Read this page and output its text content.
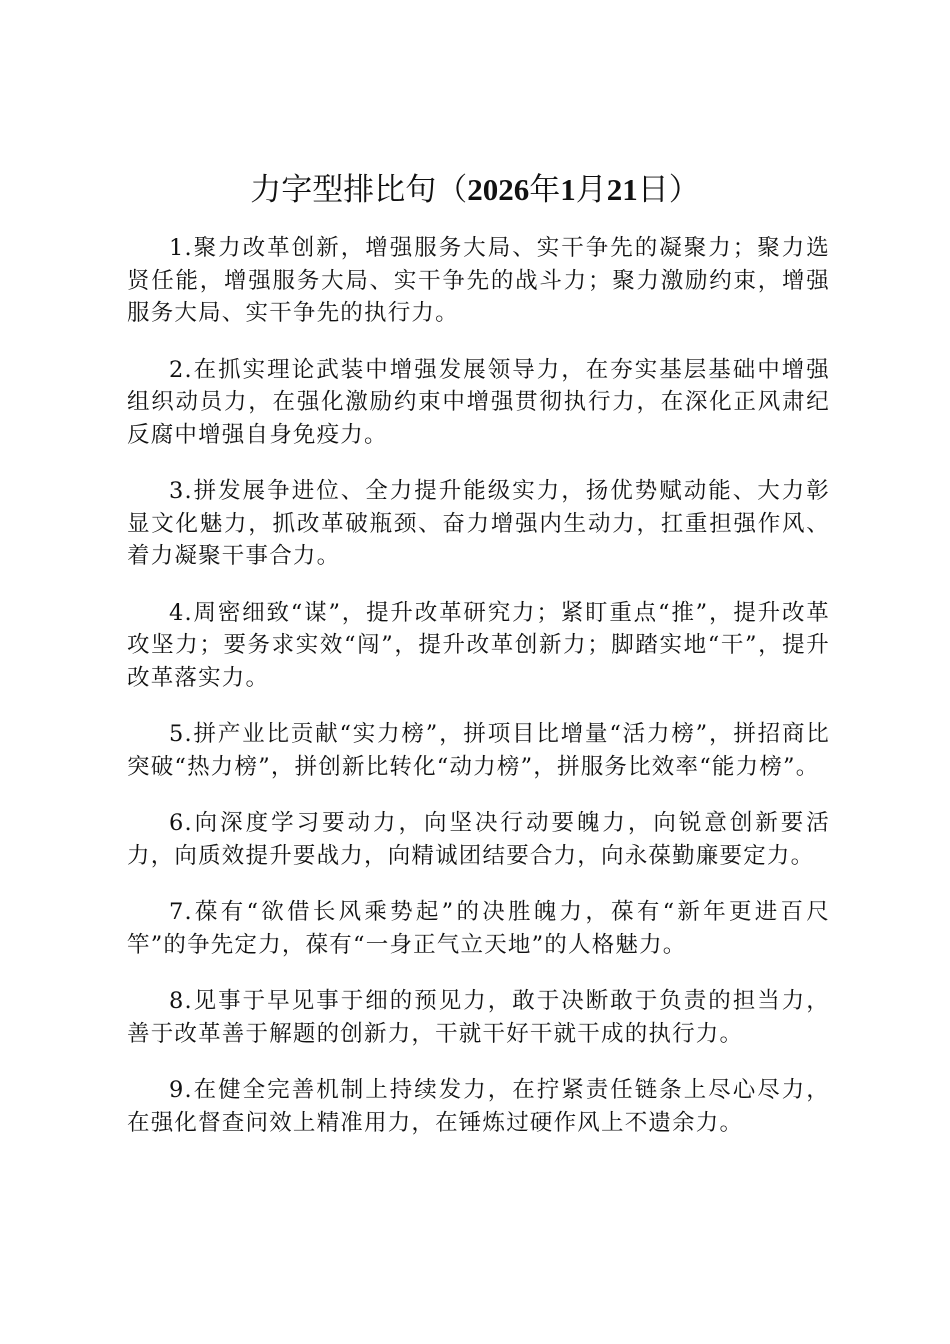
力字型排比句（2026年1月21日）

1.聚力改革创新，增强服务大局、实干争先的凝聚力；聚力选贤任能，增强服务大局、实干争先的战斗力；聚力激励约束，增强服务大局、实干争先的执行力。

2.在抓实理论武装中增强发展领导力，在夯实基层基础中增强组织动员力，在强化激励约束中增强贯彻执行力，在深化正风肃纪反腐中增强自身免疫力。

3.拼发展争进位、全力提升能级实力，扬优势赋动能、大力彰显文化魅力，抓改革破瓶颈、奋力增强内生动力，扛重担强作风、着力凝聚干事合力。

4.周密细致“谋”，提升改革研究力；紧盯重点“推”，提升改革攻坚力；要务求实效“闯”，提升改革创新力；脚踏实地“干”，提升改革落实力。

5.拼产业比贡献“实力榜”，拼项目比增量“活力榜”，拼招商比突破“热力榜”，拼创新比转化“动力榜”，拼服务比效率“能力榜”。

6.向深度学习要动力，向坚决行动要魄力，向锐意创新要活力，向质效提升要战力，向精诚团结要合力，向永葆勤廉要定力。

7.葆有“欲借长风乘势起”的决胜魄力，葆有“新年更进百尺竿”的争先定力，葆有“一身正气立天地”的人格魅力。

8.见事于早见事于细的预见力，敢于决断敢于负责的担当力，善于改革善于解题的创新力，干就干好干就干成的执行力。

9.在健全完善机制上持续发力，在拧紧责任链条上尽心尽力，在强化督查问效上精准用力，在锤炼过硬作风上不遗余力。
